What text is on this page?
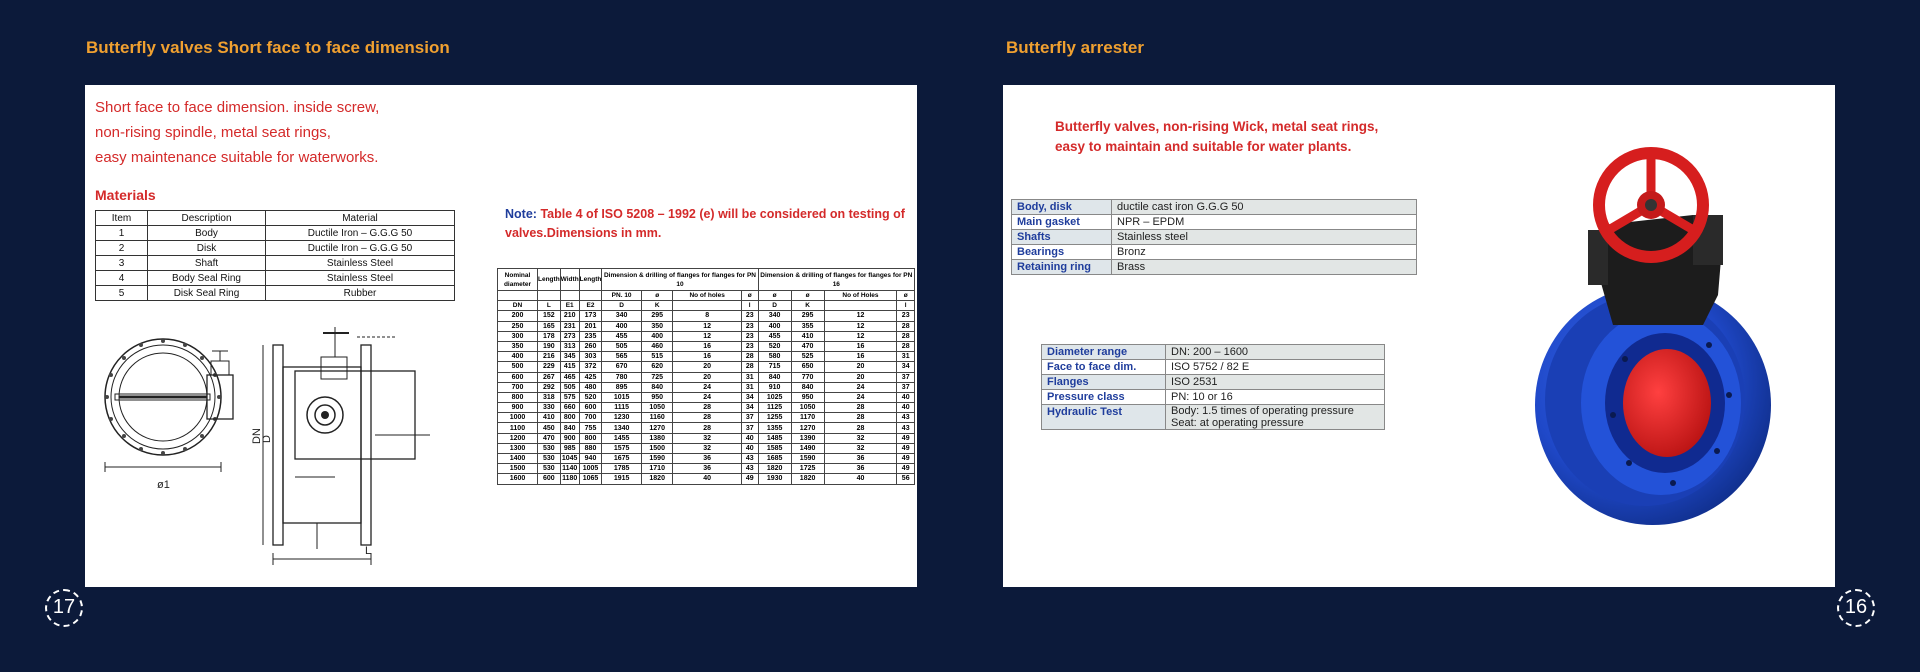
Butterfly valves Short face to face dimension
Short face to face dimension. inside screw,
non-rising spindle, metal seat rings,
easy maintenance suitable for waterworks.
Materials
Item	Description	Material
1	Body	Ductile Iron – G.G.G 50
2	Disk	Ductile Iron – G.G.G 50
3	Shaft	Stainless Steel
4	Body Seal Ring	Stainless Steel
5	Disk Seal Ring	Rubber
Note: Table 4 of ISO 5208 – 1992 (e) will be considered on testing of valves.Dimensions in mm.
ø1
DN
D
L
Nominal diameter	Length	Width	Length	Dimension & drilling of flanges for flanges for PN 10				Dimension & drilling of flanges for flanges for PN 16			

				PN. 10	ø	No of holes	ø	ø	ø	No of Holes	ø
DN	L	E1	E2	D	K		l	D	K		l
200	152	210	173	340	295	8	23	340	295	12	23
250	165	231	201	400	350	12	23	400	355	12	28
300	178	273	235	455	400	12	23	455	410	12	28
350	190	313	260	505	460	16	23	520	470	16	28
400	216	345	303	565	515	16	28	580	525	16	31
500	229	415	372	670	620	20	28	715	650	20	34
600	267	465	425	780	725	20	31	840	770	20	37
700	292	505	480	895	840	24	31	910	840	24	37
800	318	575	520	1015	950	24	34	1025	950	24	40
900	330	660	600	1115	1050	28	34	1125	1050	28	40
1000	410	800	700	1230	1160	28	37	1255	1170	28	43
1100	450	840	755	1340	1270	28	37	1355	1270	28	43
1200	470	900	800	1455	1380	32	40	1485	1390	32	49
1300	530	985	880	1575	1500	32	40	1585	1490	32	49
1400	530	1045	940	1675	1590	36	43	1685	1590	36	49
1500	530	1140	1005	1785	1710	36	43	1820	1725	36	49
1600	600	1180	1065	1915	1820	40	49	1930	1820	40	56
17
Butterfly arrester
Butterfly valves, non-rising Wick, metal seat rings,
easy to maintain and suitable for water plants.
Body, disk	ductile cast iron G.G.G 50
Main gasket	NPR – EPDM
Shafts	Stainless steel
Bearings	Bronz
Retaining ring	Brass
Diameter range	DN: 200 – 1600
Face to face dim.	ISO 5752 / 82 E
Flanges	ISO 2531
Pressure class	PN: 10 or 16
Hydraulic Test	Body: 1.5 times of operating pressure
Seat: at operating pressure
16
